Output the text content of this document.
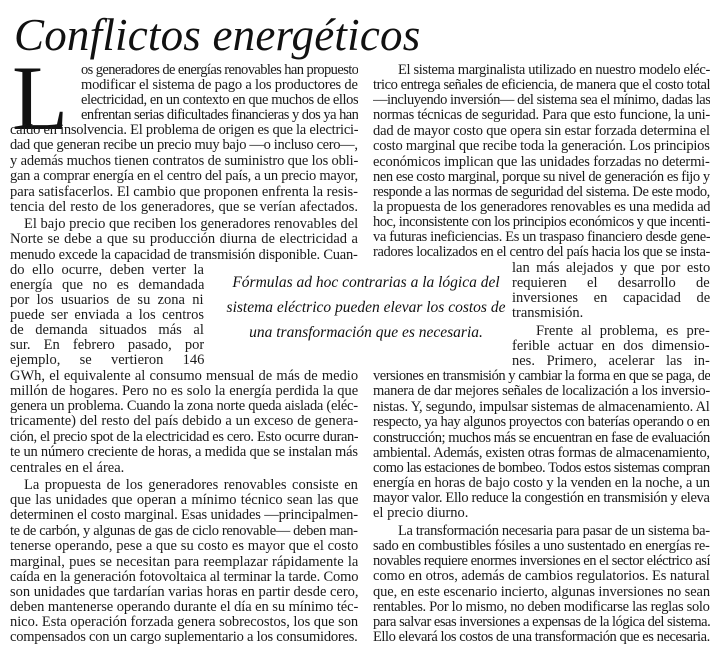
Conflictos energéticos
L os generadores de energías renovables han propuesto
modificar el sistema de pago a los productores de
electricidad, en un contexto en que muchos de ellos
enfrentan serias dificultades financieras y dos ya han
caído en insolvencia. El problema de origen es que la electrici-
dad que generan recibe un precio muy bajo —o incluso cero—,
y además muchos tienen contratos de suministro que los obli-
gan a comprar energía en el centro del país, a un precio mayor,
para satisfacerlos. El cambio que proponen enfrenta la resis-
tencia del resto de los generadores, que se verían afectados.
El bajo precio que reciben los generadores renovables del
Norte se debe a que su producción diurna de electricidad a
menudo excede la capacidad de transmisión disponible. Cuan-
do ello ocurre, deben verter la
energía que no es demandada
por los usuarios de su zona ni
puede ser enviada a los centros
de demanda situados más al
sur. En febrero pasado, por
ejemplo, se vertieron 146
GWh, el equivalente al consumo mensual de más de medio
millón de hogares. Pero no es solo la energía perdida la que
genera un problema. Cuando la zona norte queda aislada (eléc-
tricamente) del resto del país debido a un exceso de genera-
ción, el precio spot de la electricidad es cero. Esto ocurre duran-
te un número creciente de horas, a medida que se instalan más
centrales en el área.
La propuesta de los generadores renovables consiste en
que las unidades que operan a mínimo técnico sean las que
determinen el costo marginal. Esas unidades —principalmen-
te de carbón, y algunas de gas de ciclo renovable— deben man-
tenerse operando, pese a que su costo es mayor que el costo
marginal, pues se necesitan para reemplazar rápidamente la
caída en la generación fotovoltaica al terminar la tarde. Como
son unidades que tardarían varias horas en partir desde cero,
deben mantenerse operando durante el día en su mínimo téc-
nico. Esta operación forzada genera sobrecostos, los que son
compensados con un cargo suplementario a los consumidores.
El sistema marginalista utilizado en nuestro modelo eléc-
trico entrega señales de eficiencia, de manera que el costo total
—incluyendo inversión— del sistema sea el mínimo, dadas las
normas técnicas de seguridad. Para que esto funcione, la uni-
dad de mayor costo que opera sin estar forzada determina el
costo marginal que recibe toda la generación. Los principios
económicos implican que las unidades forzadas no determi-
nen ese costo marginal, porque su nivel de generación es fijo y
responde a las normas de seguridad del sistema. De este modo,
la propuesta de los generadores renovables es una medida ad
hoc, inconsistente con los principios económicos y que incenti-
va futuras ineficiencias. Es un traspaso financiero desde gene-
radores localizados en el centro del país hacia los que se insta-
lan más alejados y que por esto
requieren el desarrollo de
inversiones en capacidad de
transmisión.
Frente al problema, es pre-
ferible actuar en dos dimensio-
nes. Primero, acelerar las in-
versiones en transmisión y cambiar la forma en que se paga, de
manera de dar mejores señales de localización a los inversio-
nistas. Y, segundo, impulsar sistemas de almacenamiento. Al
respecto, ya hay algunos proyectos con baterías operando o en
construcción; muchos más se encuentran en fase de evaluación
ambiental. Además, existen otras formas de almacenamiento,
como las estaciones de bombeo. Todos estos sistemas compran
energía en horas de bajo costo y la venden en la noche, a un
mayor valor. Ello reduce la congestión en transmisión y eleva
el precio diurno.
La transformación necesaria para pasar de un sistema ba-
sado en combustibles fósiles a uno sustentado en energías re-
novables requiere enormes inversiones en el sector eléctrico así
como en otros, además de cambios regulatorios. Es natural
que, en este escenario incierto, algunas inversiones no sean
rentables. Por lo mismo, no deben modificarse las reglas solo
para salvar esas inversiones a expensas de la lógica del sistema.
Ello elevará los costos de una transformación que es necesaria.
Fórmulas ad hoc contrarias a la lógica del
sistema eléctrico pueden elevar los costos de
una transformación que es necesaria.
